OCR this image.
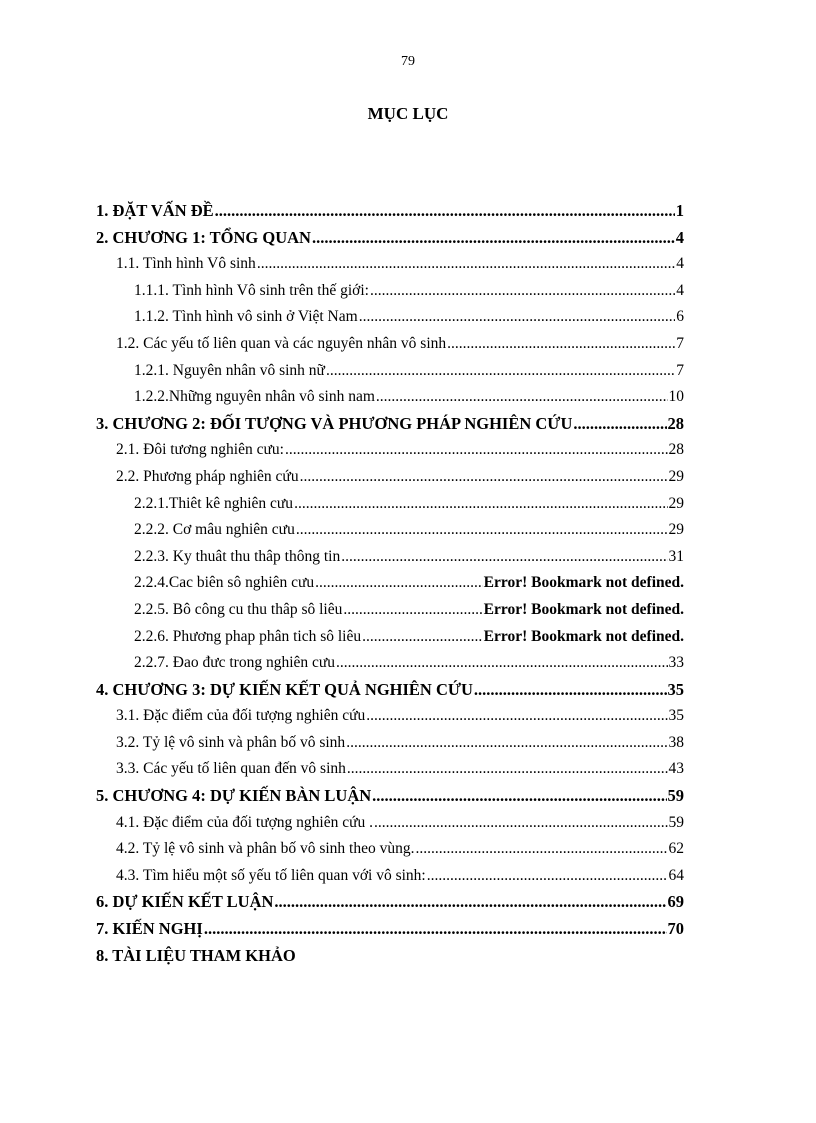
79
MỤC LỤC
1. ĐẶT VẤN ĐỀ .....	1
2. CHƯƠNG 1: TỔNG QUAN .....	4
1.1. Tình hình Vô sinh .....	4
1.1.1. Tình hình Vô sinh trên thế giới: .....	4
1.1.2. Tình hình vô sinh ở Việt Nam .....	6
1.2. Các yếu tố liên quan và các nguyên nhân vô sinh .....	7
1.2.1. Nguyên nhân vô sinh nữ .....	7
1.2.2.Những nguyên nhân vô sinh nam .....	10
3. CHƯƠNG 2: ĐỐI TƯỢNG VÀ PHƯƠNG PHÁP NGHIÊN CỨU .....	28
2.1. Đôi tương nghiên cưu: .....	28
2.2. Phương pháp nghiên cứu .....	29
2.2.1.Thiêt kê nghiên cưu .....	29
2.2.2. Cơ mâu nghiên cưu .....	29
2.2.3. Ky thuât thu thâp thông tin .....	31
2.2.4.Cac biên sô nghiên cưu .....	Error! Bookmark not defined.
2.2.5. Bô công cu thu thâp sô liêu .....	Error! Bookmark not defined.
2.2.6. Phương phap phân tich sô liêu .....	Error! Bookmark not defined.
2.2.7. Đao đưc trong nghiên cưu .....	33
4. CHƯƠNG 3: DỰ KIẾN KẾT QUẢ NGHIÊN CỨU .....	35
3.1. Đặc điểm của đối tượng nghiên cứu .....	35
3.2. Tỷ lệ vô sinh và phân bố vô sinh .....	38
3.3. Các yếu tố liên quan đến vô sinh .....	43
5. CHƯƠNG 4: DỰ KIẾN BÀN LUẬN .....	59
4.1. Đặc điểm của đối tượng nghiên cứu . .....	59
4.2. Tỷ lệ vô sinh và phân bố vô sinh theo vùng. .....	62
4.3. Tìm hiểu một số yếu tố liên quan với vô sinh: .....	64
6. DỰ KIẾN KẾT LUẬN .....	69
7. KIẾN NGHỊ .....	70
8. TÀI LIỆU THAM KHẢO
